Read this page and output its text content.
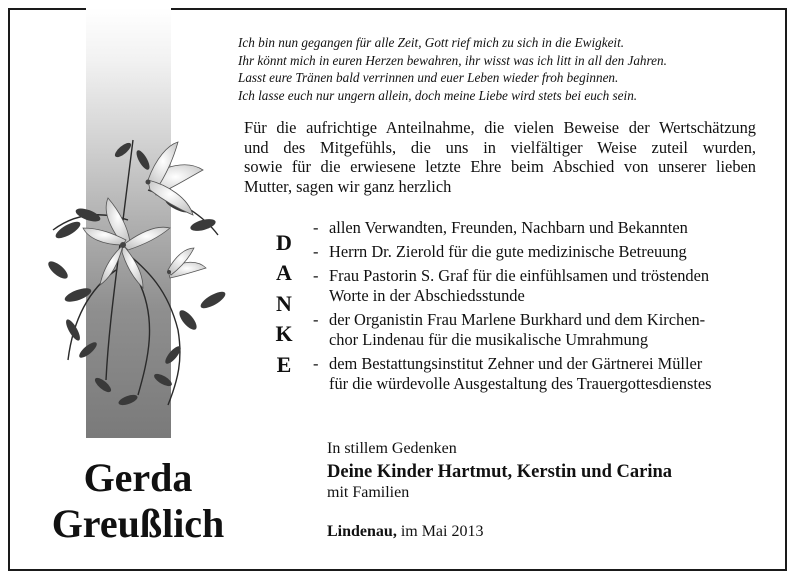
Ich bin nun gegangen für alle Zeit, Gott rief mich zu sich in die Ewigkeit.
Ihr könnt mich in euren Herzen bewahren, ihr wisst was ich litt in all den Jahren.
Lasst eure Tränen bald verrinnen und euer Leben wieder froh beginnen.
Ich lasse euch nur ungern allein, doch meine Liebe wird stets bei euch sein.
Für die aufrichtige Anteilnahme, die vielen Beweise der Wertschätzung
und des Mitgefühls, die uns in vielfältiger Weise zuteil wurden,
sowie für die erwiesene letzte Ehre beim Abschied von unserer lieben
Mutter, sagen wir ganz herzlich
D
A
N
K
E
- allen Verwandten, Freunden, Nachbarn und Bekannten
- Herrn Dr. Zierold für die gute medizinische Betreuung
- Frau Pastorin S. Graf für die einfühlsamen und tröstenden
Worte in der Abschiedsstunde
- der Organistin Frau Marlene Burkhard und dem Kirchen-
chor Lindenau für die musikalische Umrahmung
- dem Bestattungsinstitut Zehner und der Gärtnerei Müller
für die würdevolle Ausgestaltung des Trauergottesdienstes
In stillem Gedenken
Deine Kinder Hartmut, Kerstin und Carina
mit Familien
Lindenau, im Mai 2013
Gerda
Greußlich
